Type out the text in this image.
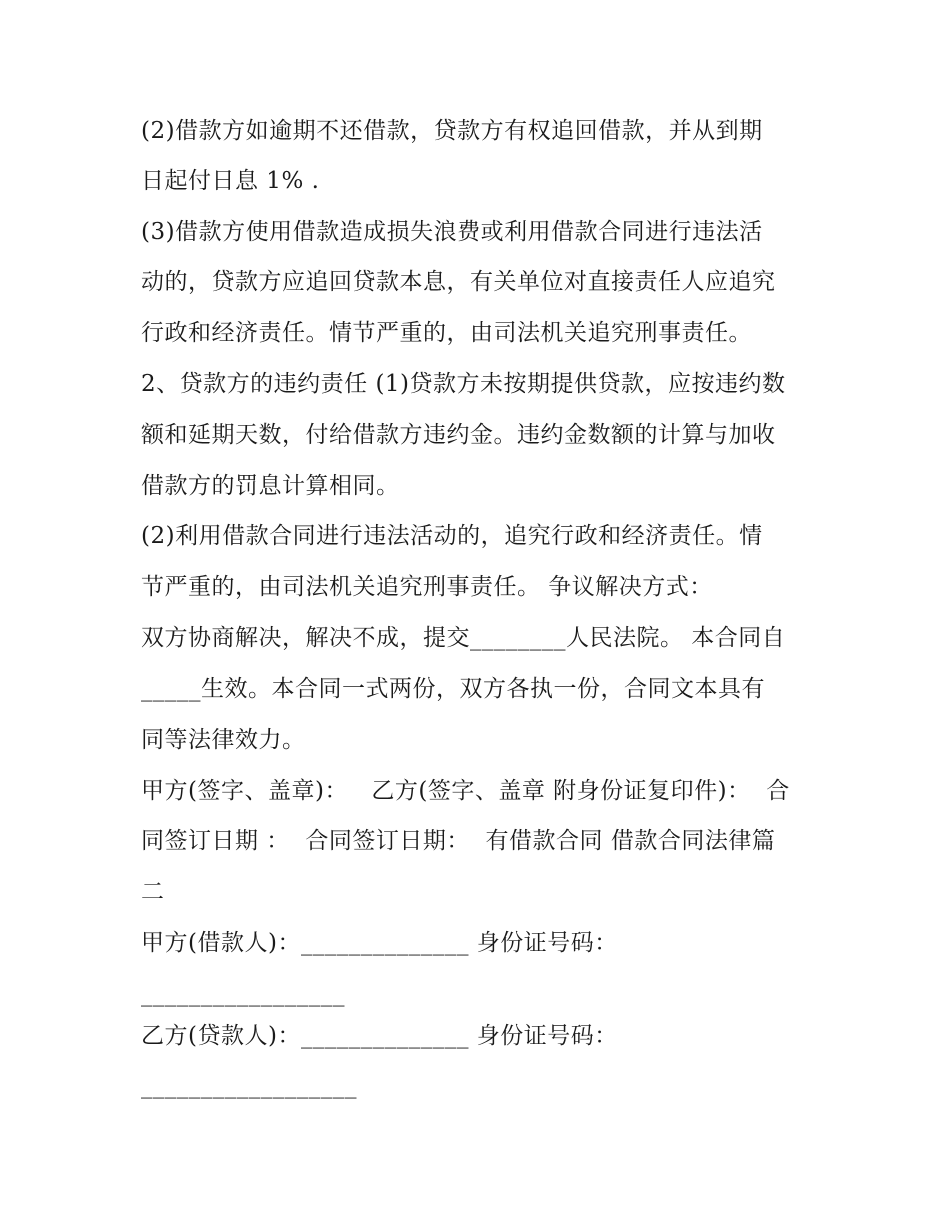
(2)借款方如逾期不还借款，贷款方有权追回借款，并从到期
日起付日息 1% .
(3)借款方使用借款造成损失浪费或利用借款合同进行违法活
动的，贷款方应追回贷款本息，有关单位对直接责任人应追究
行政和经济责任。情节严重的，由司法机关追究刑事责任。
2、贷款方的违约责任 (1)贷款方未按期提供贷款，应按违约数
额和延期天数，付给借款方违约金。违约金数额的计算与加收
借款方的罚息计算相同。
(2)利用借款合同进行违法活动的，追究行政和经济责任。情
节严重的，由司法机关追究刑事责任。 争议解决方式：
双方协商解决，解决不成，提交________人民法院。 本合同自
_____生效。本合同一式两份，双方各执一份，合同文本具有
同等法律效力。
甲方(签字、盖章)：   乙方(签字、盖章 附身份证复印件)：  合
同签订日期 ：  合同签订日期：  有借款合同 借款合同法律篇
二
甲方(借款人)：______________ 身份证号码：
_________________
乙方(贷款人)：______________ 身份证号码：
__________________
